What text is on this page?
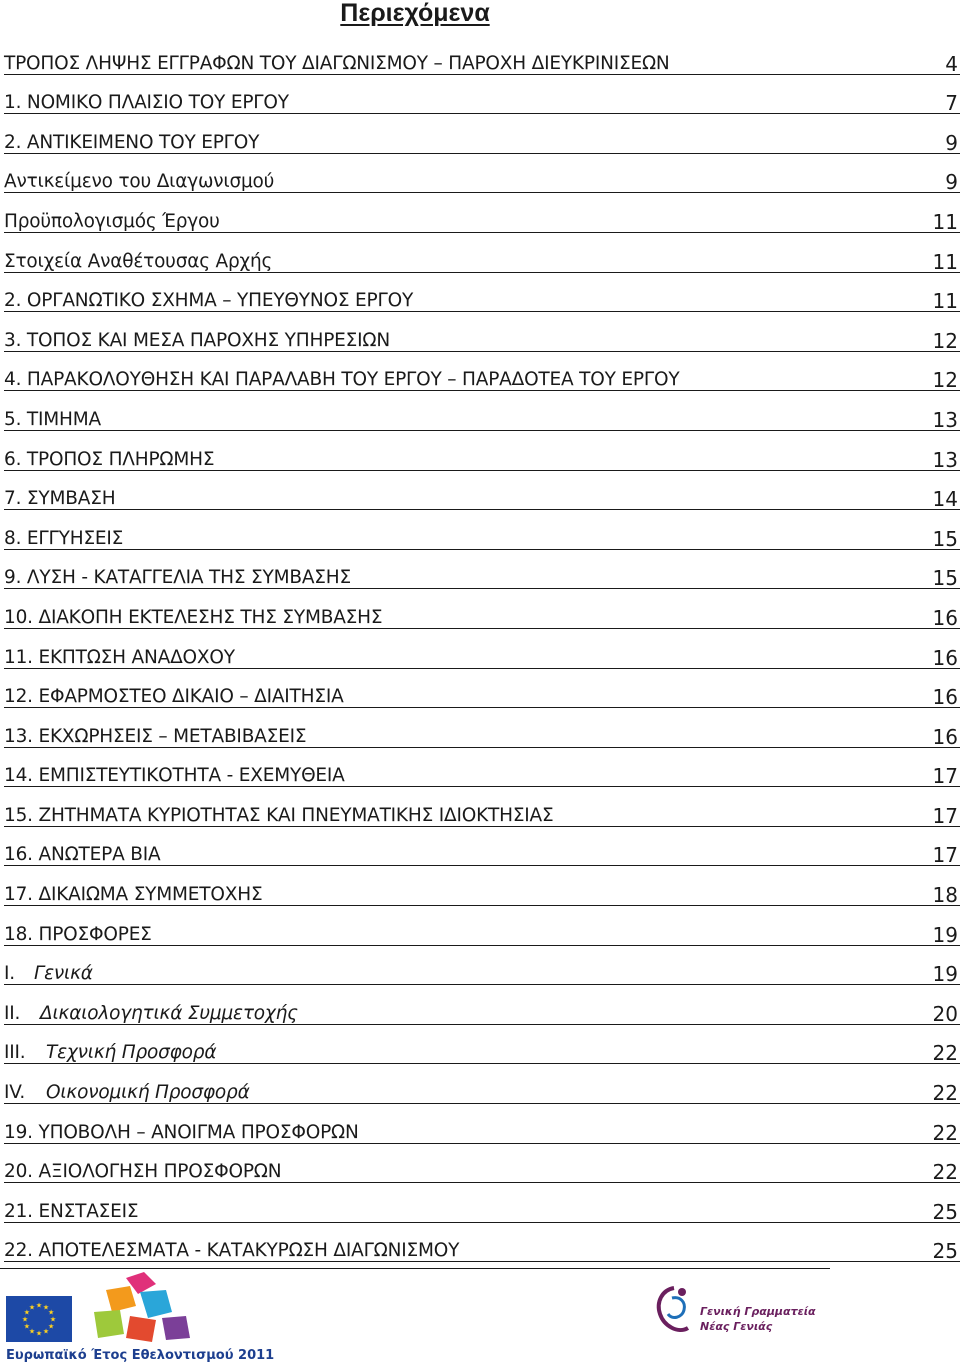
Περιεχόμενα
ΤΡΟΠΟΣ ΛΗΨΗΣ ΕΓΓΡΑΦΩΝ ΤΟΥ ΔΙΑΓΩΝΙΣΜΟΥ – ΠΑΡΟΧΗ ΔΙΕΥΚΡΙΝΙΣΕΩΝ	4
1. ΝΟΜΙΚΟ ΠΛΑΙΣΙΟ ΤΟΥ ΕΡΓΟΥ	7
2. ΑΝΤΙΚΕΙΜΕΝΟ ΤΟΥ ΕΡΓΟΥ	9
Αντικείμενο του Διαγωνισμού	9
Προϋπολογισμός Έργου	11
Στοιχεία Αναθέτουσας Αρχής	11
2. ΟΡΓΑΝΩΤΙΚΟ ΣΧΗΜΑ – ΥΠΕΥΘΥΝΟΣ ΕΡΓΟΥ	11
3. ΤΟΠΟΣ ΚΑΙ ΜΕΣΑ ΠΑΡΟΧΗΣ ΥΠΗΡΕΣΙΩΝ	12
4. ΠΑΡΑΚΟΛΟΥΘΗΣΗ ΚΑΙ ΠΑΡΑΛΑΒΗ ΤΟΥ ΕΡΓΟΥ – ΠΑΡΑΔΟΤΕΑ ΤΟΥ ΕΡΓΟΥ	12
5. ΤΙΜΗΜΑ	13
6. ΤΡΟΠΟΣ ΠΛΗΡΩΜΗΣ	13
7. ΣΥΜΒΑΣΗ	14
8. ΕΓΓΥΗΣΕΙΣ	15
9. ΛΥΣΗ - ΚΑΤΑΓΓΕΛΙΑ ΤΗΣ ΣΥΜΒΑΣΗΣ	15
10. ΔΙΑΚΟΠΗ ΕΚΤΕΛΕΣΗΣ ΤΗΣ ΣΥΜΒΑΣΗΣ	16
11. ΕΚΠΤΩΣΗ ΑΝΑΔΟΧΟΥ	16
12. ΕΦΑΡΜΟΣΤΕΟ ΔΙΚΑΙΟ – ΔΙΑΙΤΗΣΙΑ	16
13. ΕΚΧΩΡΗΣΕΙΣ – ΜΕΤΑΒΙΒΑΣΕΙΣ	16
14. ΕΜΠΙΣΤΕΥΤΙΚΟΤΗΤΑ - ΕΧΕΜΥΘΕΙΑ	17
15. ΖΗΤΗΜΑΤΑ ΚΥΡΙΟΤΗΤΑΣ ΚΑΙ ΠΝΕΥΜΑΤΙΚΗΣ ΙΔΙΟΚΤΗΣΙΑΣ	17
16. ΑΝΩΤΕΡΑ ΒΙΑ	17
17. ΔΙΚΑΙΩΜΑ ΣΥΜΜΕΤΟΧΗΣ	18
18. ΠΡΟΣΦΟΡΕΣ	19
I. Γενικά	19
II. Δικαιολογητικά Συμμετοχής	20
III. Τεχνική Προσφορά	22
IV. Οικονομική Προσφορά	22
19. ΥΠΟΒΟΛΗ – ΑΝΟΙΓΜΑ ΠΡΟΣΦΟΡΩΝ	22
20. ΑΞΙΟΛΟΓΗΣΗ ΠΡΟΣΦΟΡΩΝ	22
21. ΕΝΣΤΑΣΕΙΣ	25
22. ΑΠΟΤΕΛΕΣΜΑΤΑ - ΚΑΤΑΚΥΡΩΣΗ ΔΙΑΓΩΝΙΣΜΟΥ	25
★
★
★
★
★
★
★
★
★ ★ ★
★
Ευρωπαϊκό Έτος Εθελοντισμού 2011
Γενική Γραμματεία
Νέας Γενιάς
